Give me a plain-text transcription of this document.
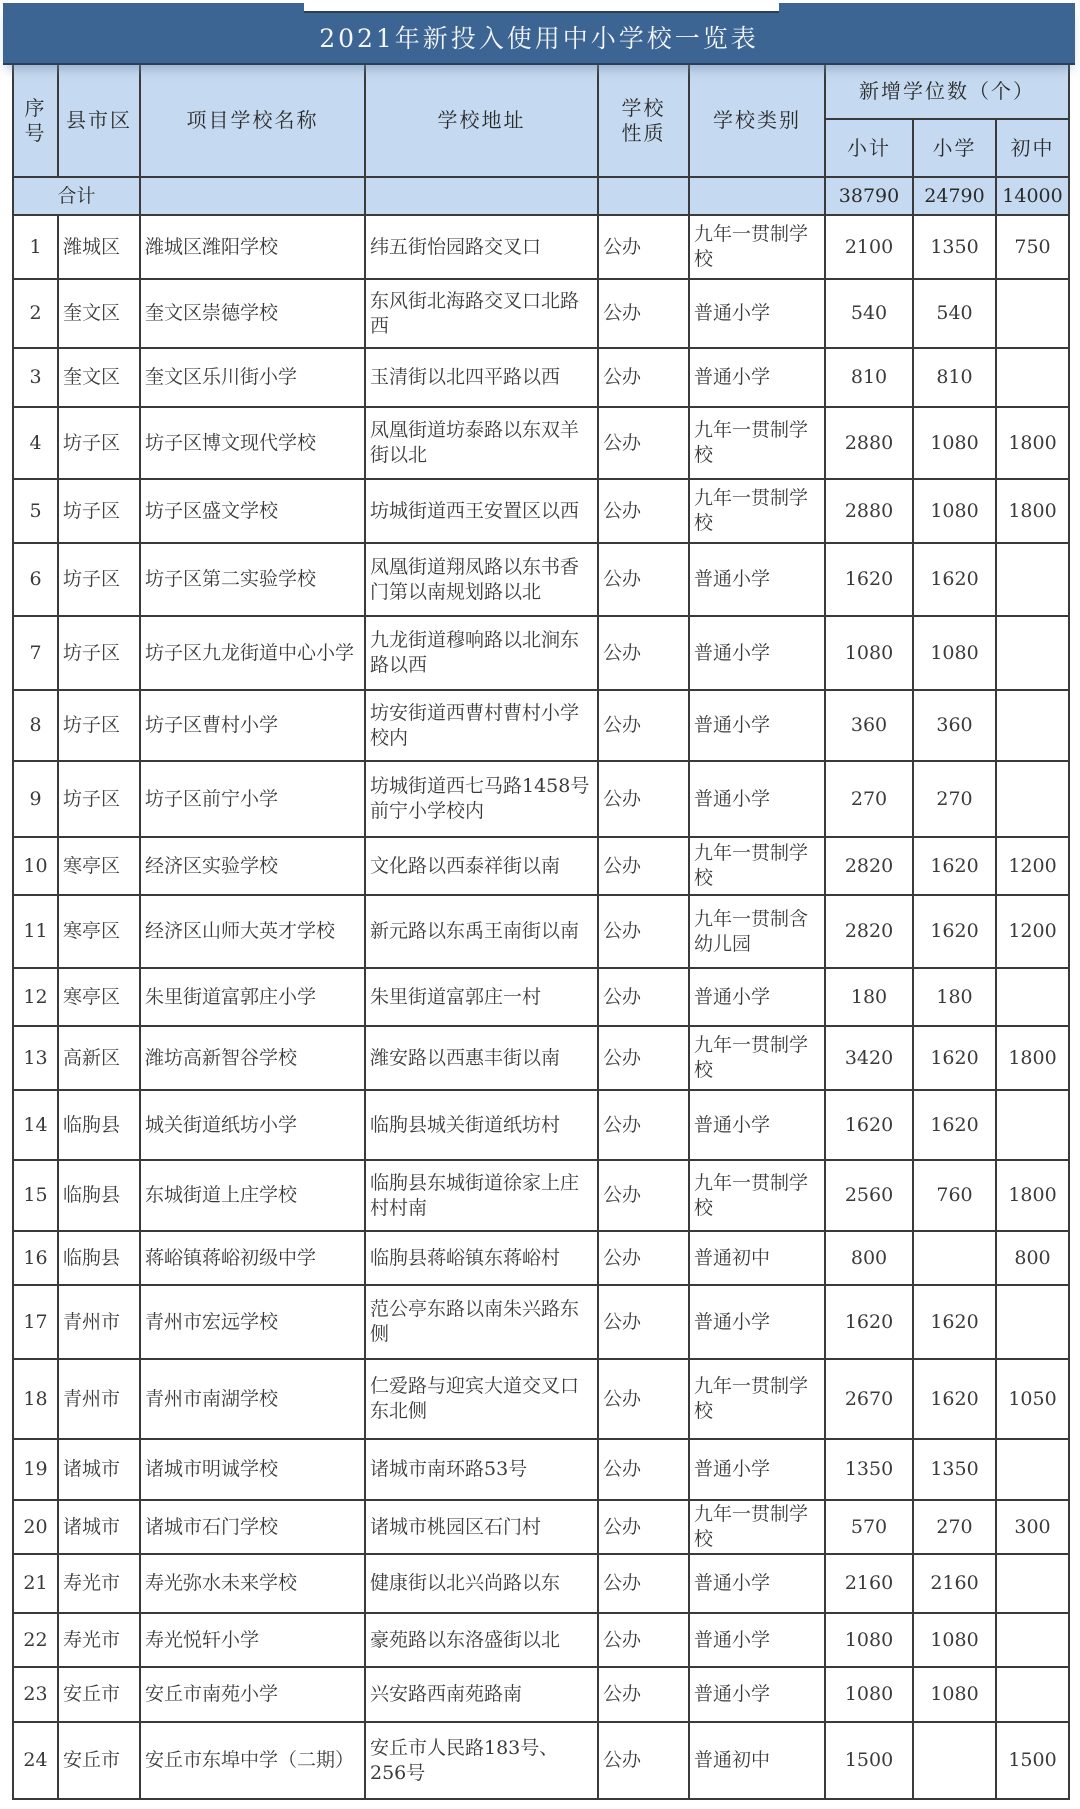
2021年新投入使用中小学校一览表
序号	县市区	项目学校名称	学校地址	学校性质	学校类别	新增学位数（个）		
						小计	小学	初中
合计						38790	24790	14000
1	潍城区	潍城区潍阳学校	纬五街怡园路交叉口	公办	九年一贯制学校	2100	1350	750
2	奎文区	奎文区崇德学校	东风街北海路交叉口北路西	公办	普通小学	540	540	
3	奎文区	奎文区乐川街小学	玉清街以北四平路以西	公办	普通小学	810	810	
4	坊子区	坊子区博文现代学校	凤凰街道坊泰路以东双羊街以北	公办	九年一贯制学校	2880	1080	1800
5	坊子区	坊子区盛文学校	坊城街道西王安置区以西	公办	九年一贯制学校	2880	1080	1800
6	坊子区	坊子区第二实验学校	凤凰街道翔凤路以东书香门第以南规划路以北	公办	普通小学	1620	1620	
7	坊子区	坊子区九龙街道中心小学	九龙街道穆响路以北涧东路以西	公办	普通小学	1080	1080	
8	坊子区	坊子区曹村小学	坊安街道西曹村曹村小学校内	公办	普通小学	360	360	
9	坊子区	坊子区前宁小学	坊城街道西七马路1458号前宁小学校内	公办	普通小学	270	270	
10	寒亭区	经济区实验学校	文化路以西泰祥街以南	公办	九年一贯制学校	2820	1620	1200
11	寒亭区	经济区山师大英才学校	新元路以东禹王南街以南	公办	九年一贯制含幼儿园	2820	1620	1200
12	寒亭区	朱里街道富郭庄小学	朱里街道富郭庄一村	公办	普通小学	180	180	
13	高新区	潍坊高新智谷学校	潍安路以西惠丰街以南	公办	九年一贯制学校	3420	1620	1800
14	临朐县	城关街道纸坊小学	临朐县城关街道纸坊村	公办	普通小学	1620	1620	
15	临朐县	东城街道上庄学校	临朐县东城街道徐家上庄村村南	公办	九年一贯制学校	2560	760	1800
16	临朐县	蒋峪镇蒋峪初级中学	临朐县蒋峪镇东蒋峪村	公办	普通初中	800		800
17	青州市	青州市宏远学校	范公亭东路以南朱兴路东侧	公办	普通小学	1620	1620	
18	青州市	青州市南湖学校	仁爱路与迎宾大道交叉口东北侧	公办	九年一贯制学校	2670	1620	1050
19	诸城市	诸城市明诚学校	诸城市南环路53号	公办	普通小学	1350	1350	
20	诸城市	诸城市石门学校	诸城市桃园区石门村	公办	九年一贯制学校	570	270	300
21	寿光市	寿光弥水未来学校	健康街以北兴尚路以东	公办	普通小学	2160	2160	
22	寿光市	寿光悦轩小学	豪苑路以东洛盛街以北	公办	普通小学	1080	1080	
23	安丘市	安丘市南苑小学	兴安路西南苑路南	公办	普通小学	1080	1080	
24	安丘市	安丘市东埠中学（二期）	安丘市人民路183号、256号	公办	普通初中	1500		1500
